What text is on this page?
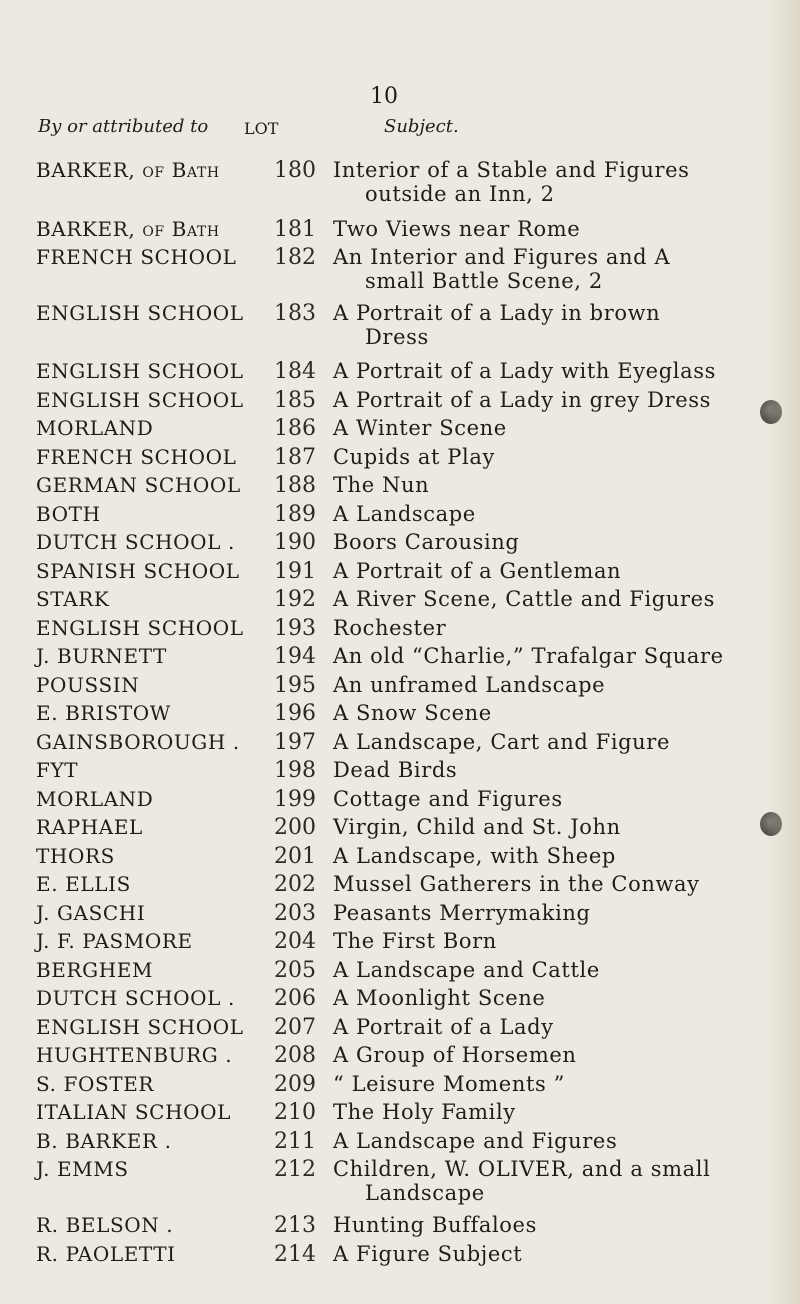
10
By or attributed to LOT	Subject.
BARKER, of Bath	180 Interior of a Stable and Figures
outside an Inn, 2
BARKER, of Bath	181 Two Views near Rome
FRENCH SCHOOL	182 An Interior and Figures and A
small Battle Scene, 2
ENGLISH SCHOOL	183 A Portrait of a Lady in brown
Dress
ENGLISH SCHOOL	184 A Portrait of a Lady with Eyeglass
ENGLISH SCHOOL	185 A Portrait of a Lady in grey Dress
MORLAND	186 A Winter Scene
FRENCH SCHOOL	187 Cupids at Play
GERMAN SCHOOL	188 The Nun
BOTH	189 A Landscape
DUTCH SCHOOL .	190 Boors Carousing
SPANISH SCHOOL	191 A Portrait of a Gentleman
STARK	192 A River Scene, Cattle and Figures
ENGLISH SCHOOL	193 Rochester
J. BURNETT	194 An old “Charlie,” Trafalgar Square
POUSSIN	195 An unframed Landscape
E. BRISTOW	196 A Snow Scene
GAINSBOROUGH .	197 A Landscape, Cart and Figure
FYT	198 Dead Birds
MORLAND	199 Cottage and Figures
RAPHAEL	200 Virgin, Child and St. John
THORS	201 A Landscape, with Sheep
E. ELLIS	202 Mussel Gatherers in the Conway
J. GASCHI	203 Peasants Merrymaking
J. F. PASMORE	204 The First Born
BERGHEM	205 A Landscape and Cattle
DUTCH SCHOOL .	206 A Moonlight Scene
ENGLISH SCHOOL	207 A Portrait of a Lady
HUGHTENBURG .	208 A Group of Horsemen
S. FOSTER	209 “ Leisure Moments ”
ITALIAN SCHOOL	210 The Holy Family
B. BARKER .	211 A Landscape and Figures
J. EMMS	212 Children, W. OLIVER, and a small
Landscape
R. BELSON .	213 Hunting Buffaloes
R. PAOLETTI	214 A Figure Subject
